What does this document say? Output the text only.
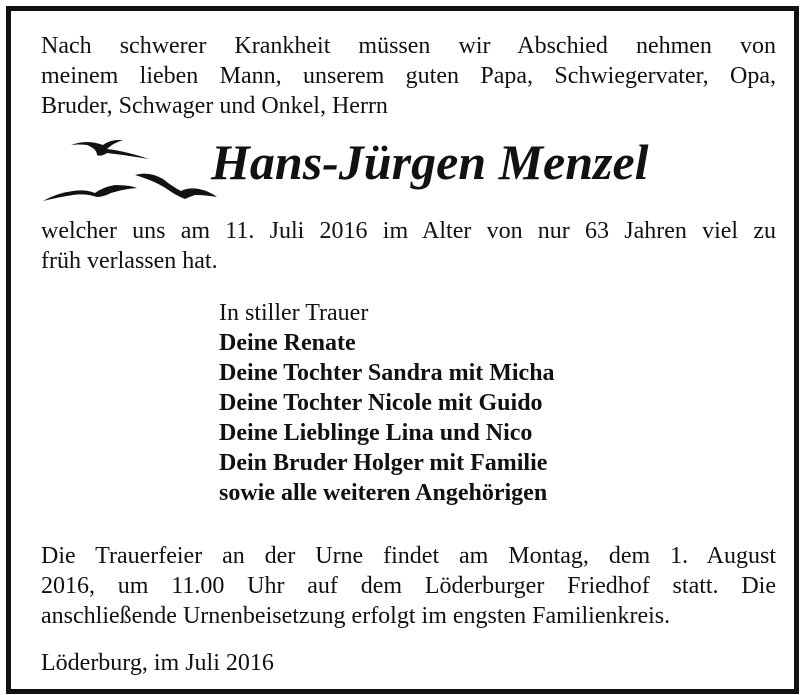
Nach schwerer Krankheit müssen wir Abschied nehmen von
meinem lieben Mann, unserem guten Papa, Schwiegervater, Opa,
Bruder, Schwager und Onkel, Herrn
Hans-Jürgen Menzel
welcher uns am 11. Juli 2016 im Alter von nur 63 Jahren viel zu
früh verlassen hat.
In stiller Trauer
Deine Renate
Deine Tochter Sandra mit Micha
Deine Tochter Nicole mit Guido
Deine Lieblinge Lina und Nico
Dein Bruder Holger mit Familie
sowie alle weiteren Angehörigen
Die Trauerfeier an der Urne findet am Montag, dem 1. August
2016, um 11.00 Uhr auf dem Löderburger Friedhof statt. Die
anschließende Urnenbeisetzung erfolgt im engsten Familienkreis.
Löderburg, im Juli 2016
